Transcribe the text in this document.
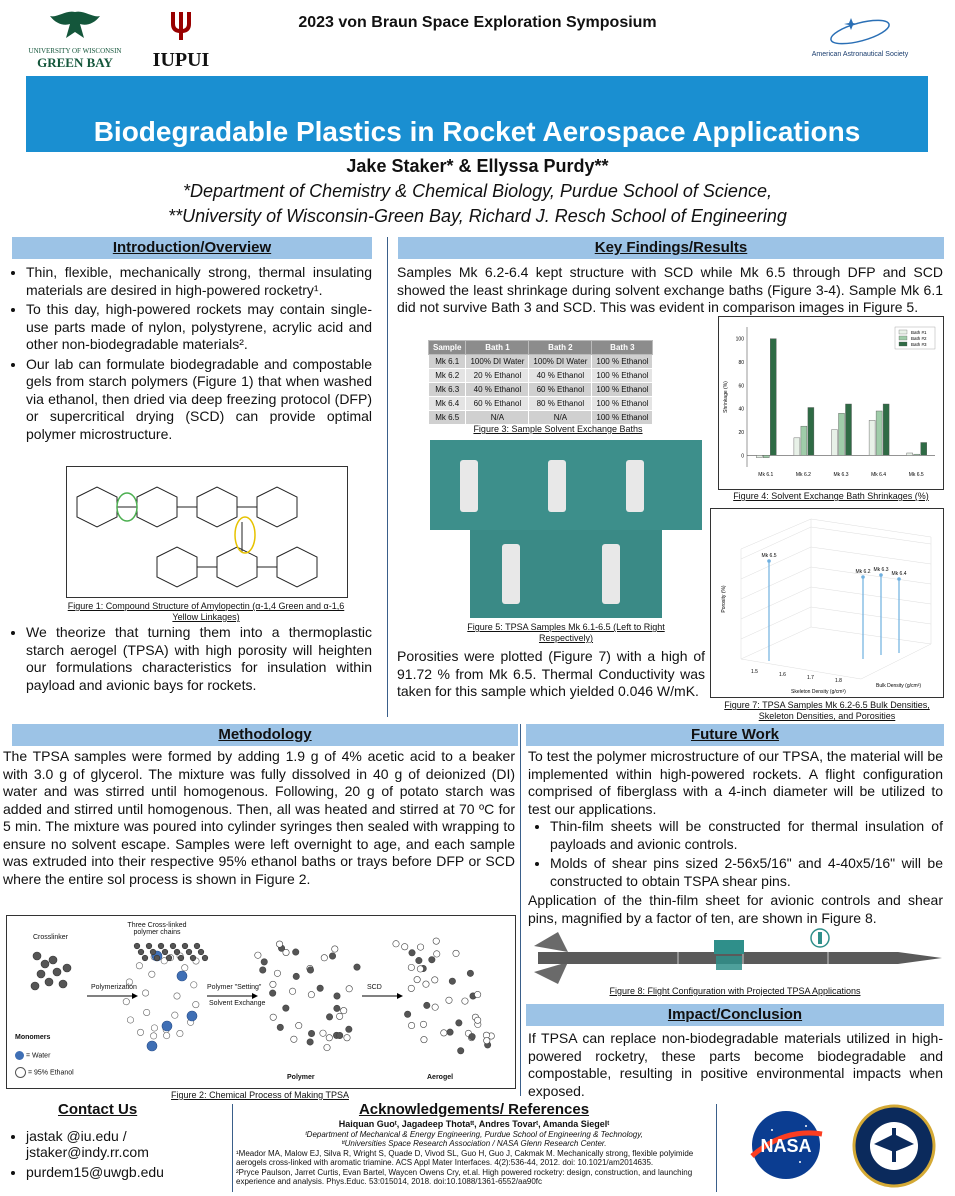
UNIVERSITY OF WISCONSIN
GREEN BAY	IUPUI
2023 von Braun Space Exploration Symposium
American Astronautical Society
Biodegradable Plastics in Rocket Aerospace Applications
Jake Staker* & Ellyssa Purdy**
*Department of Chemistry & Chemical Biology, Purdue School of Science,
**University of Wisconsin-Green Bay, Richard J. Resch School of Engineering
Introduction/Overview
• Thin, flexible, mechanically strong, thermal insulating materials are desired in high-powered rocketry¹.
• To this day, high-powered rockets may contain single-use parts made of nylon, polystyrene, acrylic acid and other non-biodegradable materials².
• Our lab can formulate biodegradable and compostable gels from starch polymers (Figure 1) that when washed via ethanol, then dried via deep freezing protocol (DFP) or supercritical drying (SCD) can provide optimal polymer microstructure.
Figure 1: Compound Structure of Amylopectin (α-1,4 Green and α-1,6 Yellow Linkages)
• We theorize that turning them into a thermoplastic starch aerogel (TPSA) with high porosity will heighten our formulations characteristics for insulation within payload and avionic bays for rockets.
Key Findings/Results
Samples Mk 6.2-6.4 kept structure with SCD while Mk 6.5 through DFP and SCD showed the least shrinkage during solvent exchange baths (Figure 3-4). Sample Mk 6.1 did not survive Bath 3 and SCD. This was evident in comparison images in Figure 5.
Sample	Bath 1	Bath 2	Bath 3
Mk 6.1	100% DI Water	100% DI Water	100 % Ethanol
Mk 6.2	20 % Ethanol	40 % Ethanol	100 % Ethanol
Mk 6.3	40 % Ethanol	60 % Ethanol	100 % Ethanol
Mk 6.4	60 % Ethanol	80 % Ethanol	100 % Ethanol
Mk 6.5	N/A	N/A	100 % Ethanol
Figure 3: Sample Solvent Exchange Baths
Figure 5: TPSA Samples Mk 6.1-6.5 (Left to Right Respectively)
Porosities were plotted (Figure 7) with a high of 91.72 % from Mk 6.5. Thermal Conductivity was taken for this sample which yielded 0.046 W/mK.
0
20
40
60
80
100
Shrinkage (%)
Mk 6.1	Mk 6.2	Mk 6.3	Mk 6.4	Mk 6.5
Bath #1
Bath #2
Bath #3
Figure 4: Solvent Exchange Bath Shrinkages (%)
Mk 6.5
Mk 6.2 Mk 6.3
Mk 6.4
1.5	1.6	1.7	1.8
Skeleton Density (g/cm³)
Bulk Density (g/cm³)
Porosity (%)
Figure 7: TPSA Samples Mk 6.2-6.5 Bulk Densities, Skeleton Densities, and Porosities
Methodology
The TPSA samples were formed by adding 1.9 g of 4% acetic acid to a beaker with 3.0 g of glycerol. The mixture was fully dissolved in 40 g of deionized (DI) water and was stirred until homogenous. Following, 20 g of potato starch was added and stirred until homogenous. Then, all was heated and stirred at 70 ºC for 5 min. The mixture was poured into cylinder syringes then sealed with wrapping to ensure no solvent escape. Samples were left overnight to age, and each sample was extruded into their respective 95% ethanol baths or trays before DFP or SCD where the entire sol process is shown in Figure 2.
Crosslinker
Three Cross-linked polymer chains
Polymerization	Polymer "Setting"
Solvent Exchange
SCD
Monomers
= Water
= 95% Ethanol
Polymer	Aerogel
Figure 2: Chemical Process of Making TPSA
Future Work
To test the polymer microstructure of our TPSA, the material will be implemented within high-powered rockets. A flight configuration comprised of fiberglass with a 4-inch diameter will be utilized to test our applications.
• Thin-film sheets will be constructed for thermal insulation of payloads and avionic controls.
• Molds of shear pins sized 2-56x5/16" and 4-40x5/16" will be constructed to obtain TSPA shear pins.
Application of the thin-film sheet for avionic controls and shear pins, magnified by a factor of ten, are shown in Figure 8.
Figure 8: Flight Configuration with Projected TPSA Applications
Impact/Conclusion
If TPSA can replace non-biodegradable materials utilized in high-powered rocketry, these parts become biodegradable and compostable, resulting in positive environmental impacts when exposed.
Contact Us
• jastak @iu.edu /
jstaker@indy.rr.com
• purdem15@uwgb.edu
Acknowledgements/ References
Haiquan Guoᵗ, Jagadeep Thotaᵗᵗ, Andres Tovarᵗ, Amanda Siegelᵗ
ᵗDepartment of Mechanical & Energy Engineering, Purdue School of Engineering & Technology,
ᵗᵗUniversities Space Research Association / NASA Glenn Research Center.
¹Meador MA, Malow EJ, Silva R, Wright S, Quade D, Vivod SL, Guo H, Guo J, Cakmak M. Mechanically strong, flexible polyimide aerogels cross-linked with aromatic triamine. ACS Appl Mater Interfaces. 4(2):536-44, 2012. doi: 10.1021/am2014635.
²Pryce Paulson, Jarret Curtis, Evan Bartel, Waycen Owens Cry, et.al. High powered rocketry: design, construction, and launching experience and analysis. Phys.Educ. 53:015014, 2018. doi:10.1088/1361-6552/aa90fc
NASA
